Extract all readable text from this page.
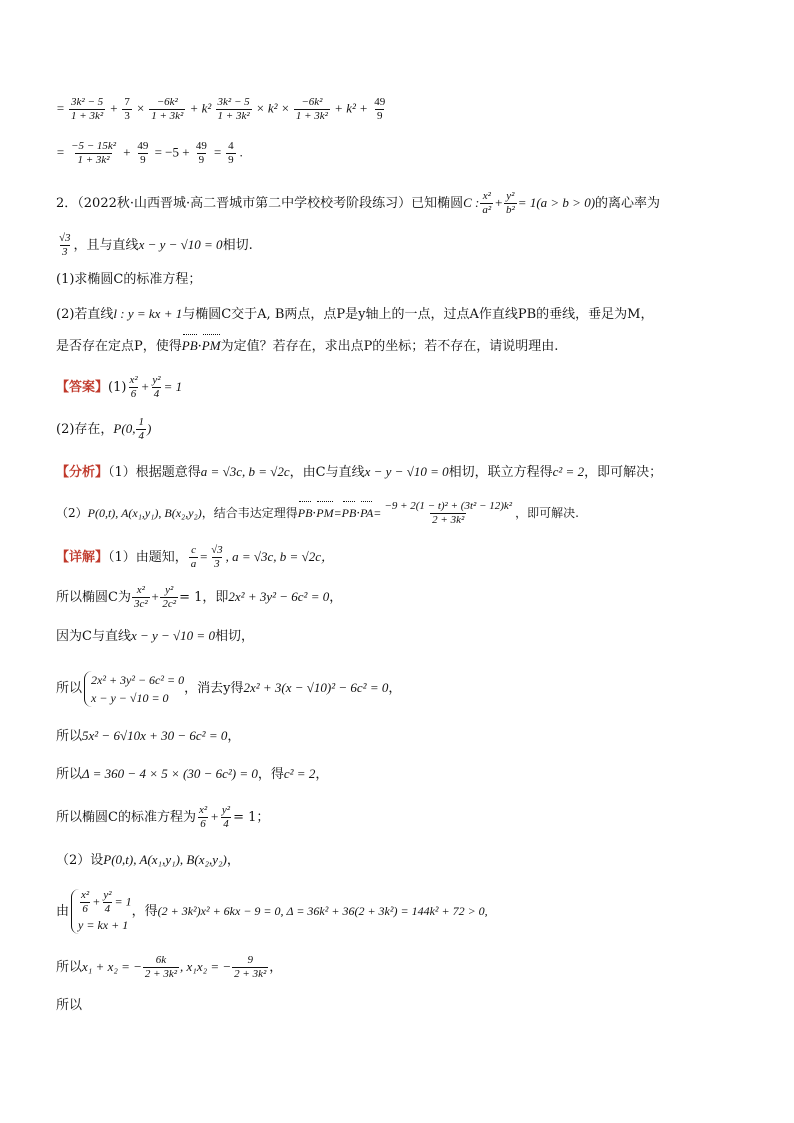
= $\frac{\text{3k² − 5}}{\text{1 + 3k²}} + \frac{7}{3} \times \frac{\text{−6k²}}{\text{1 + 3k²}} + k^2 \frac{\text{3k² − 5}}{\text{1 + 3k²}} \times k^2 \times \frac{\text{−6k²}}{\text{1 + 3k²}} + k^2 + \frac{49}{9}$
= $\frac{\text{−5 − 15k²}}{\text{1 + 3k²}} + \frac{49}{9} = -5 + \frac{49}{9} = \frac{4}{9}$ .
2．（2022秋·山西晋城·高二晋城市第二中学校校考阶段练习）已知椭圆C : $\frac{\text{x²}}{\text{a²}} + \frac{\text{y²}}{\text{b²}} = 1(a > b > 0)$的离心率为
$\frac{√3}{3}$ ，且与直线x − y − √10 = 0相切.
(1)求椭圆C的标准方程；
(2)若直线l : y = kx + 1与椭圆C交于A, B两点，点P是y轴上的一点，过点A作直线PB的垂线，垂足为M，
是否存在定点P，使得PB·PM为定值？若存在，求出点P的坐标；若不存在，请说明理由.
【答案】$(1) \frac{\text{x²}}{6} + \frac{\text{y²}}{4} = 1$
(2)存在，P(0, $\frac{1}{4}$ )
【分析】（1）根据题意得a = √3c, b = √2c，由C与直线x − y − √10 = 0相切，联立方程得c² = 2，即可解决；
（2）P(0,t), A(x₁,y₁), B(x₂,y₂)，结合韦达定理得$PB\cdot PM=PB\cdot PA= \frac{\text{−9 + 2(1 − t)² + (3t² − 12)k²}}{\text{2 + 3k²}}$ ，即可解决.
【详解】（1）由题知， $\frac{c}{a} = \frac{√3}{3}$ , a = √3c, b = √2c，
所以椭圆C为 $\frac{\text{x²}}{\text{3c²}} + \frac{\text{y²}}{\text{2c²}} = 1$，即2x² + 3y² − 6c² = 0，
因为C与直线x − y − √10 = 0相切，
所以
2x² + 3y² − 6c² = 0
x − y − √10 = 0
，消去y得2x² + 3(x − √10)² − 6c² = 0，
所以5x² − 6√10x + 30 − 6c² = 0，
所以Δ = 360 − 4 × 5 × (30 − 6c²) = 0，得c² = 2，
所以椭圆C的标准方程为 $\frac{\text{x²}}{6} + \frac{\text{y²}}{4} = 1$；
（2）设P(0,t), A(x₁,y₁), B(x₂,y₂)，
由 $\frac{\text{x²}}{6} + \frac{\text{y²}}{4} = 1$
y = kx + 1
，得(2 + 3k²)x² + 6kx − 9 = 0, Δ = 36k² + 36(2 + 3k²) = 144k² + 72 > 0,
所以x₁ + x₂ = − $\frac{6k}{\text{2 + 3k²}}$ , x₁x₂ = − $\frac{9}{\text{2 + 3k²}}$ ，
所以
